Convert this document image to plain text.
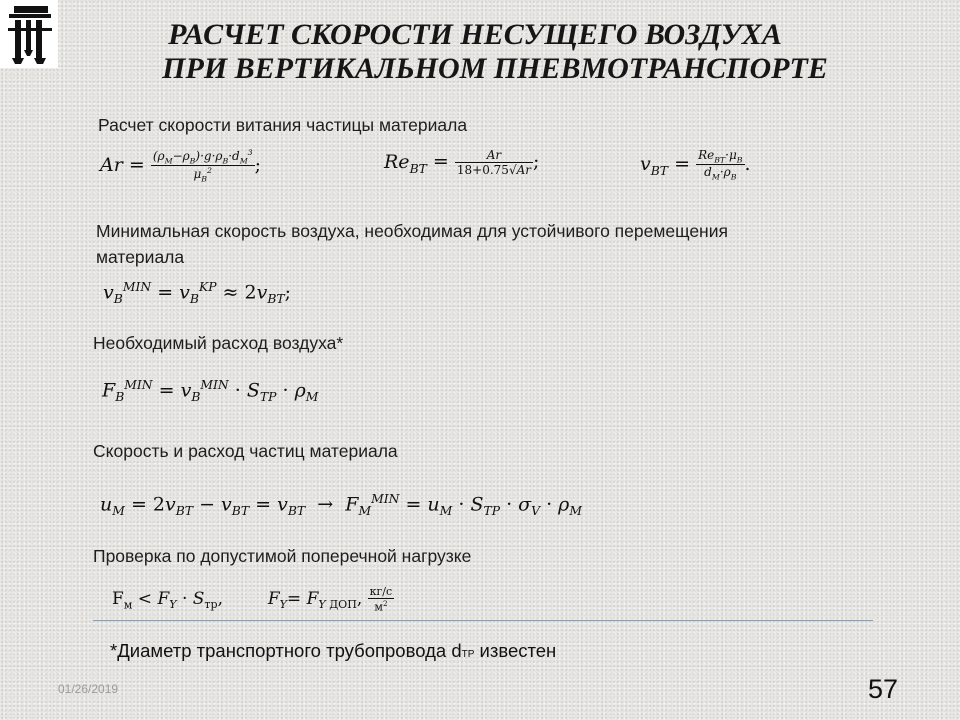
РАСЧЕТ СКОРОСТИ НЕСУЩЕГО ВОЗДУХА
ПРИ ВЕРТИКАЛЬНОМ ПНЕВМОТРАНСПОРТЕ
Расчет скорости витания частицы материала
$Ar = \frac{(\rho_M-\rho_B)\cdot g\cdot\rho_B\cdot d_M^3}{\mu_B^2}$ ;	$Re_{BT} = \frac{Ar}{18+0.75√Ar}$ ;	$v_{BT} = \frac{Re_{BT}\cdot\mu_B}{d_M\cdot\rho_B}$ .
Минимальная скорость воздуха, необходимая для устойчивого перемещения
материала
$v_B^{MIN} = v_B^{KP} \approx 2v_{BT}$;
Необходимый расход воздуха*
$F_B^{MIN} = v_B^{MIN} \cdot S_{TP} \cdot \rho_M$
Скорость и расход частиц материала
$u_M = 2v_{BT} - v_{BT} = v_{BT} \to F_M^{MIN} = u_M \cdot S_{TP} \cdot \sigma_V \cdot \rho_M$
Проверка по допустимой поперечной нагрузке
$F_м < F_Y \cdot S_{тр}$,  $F_Y= F_{Y ДОП}$, $\frac{кг/с}{м^2}$
*Диаметр транспортного трубопровода dТР известен
01/26/2019	57
